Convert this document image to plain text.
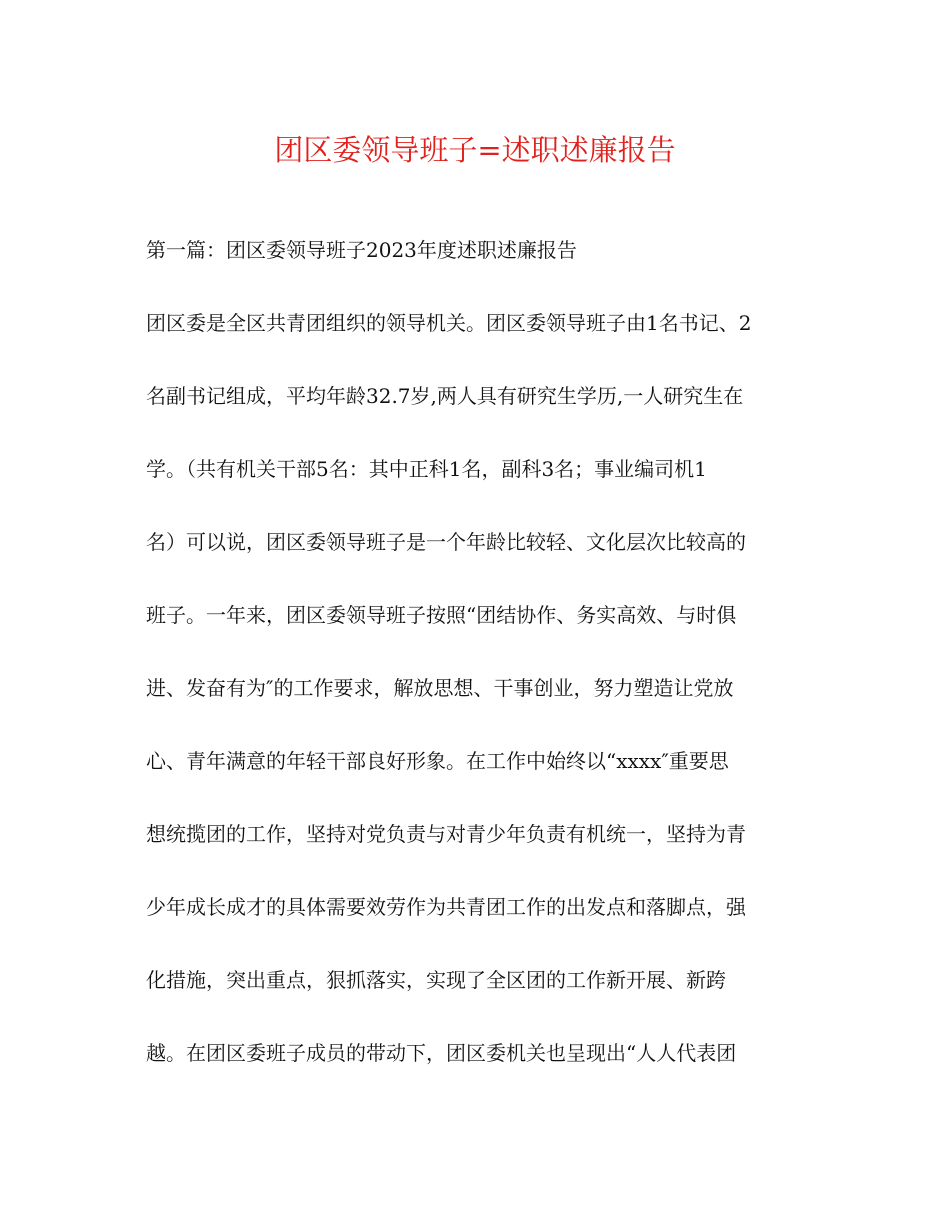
团区委领导班子=述职述廉报告

第一篇：团区委领导班子2023年度述职述廉报告

团区委是全区共青团组织的领导机关。团区委领导班子由1名书记、2
名副书记组成，平均年龄32.7岁,两人具有研究生学历,一人研究生在
学。（共有机关干部5名：其中正科1名，副科3名；事业编司机1
名）可以说，团区委领导班子是一个年龄比较轻、文化层次比较高的
班子。一年来，团区委领导班子按照“团结协作、务实高效、与时俱
进、发奋有为″的工作要求，解放思想、干事创业，努力塑造让党放
心、青年满意的年轻干部良好形象。在工作中始终以“xxxx″重要思
想统揽团的工作，坚持对党负责与对青少年负责有机统一，坚持为青
少年成长成才的具体需要效劳作为共青团工作的出发点和落脚点，强
化措施，突出重点，狠抓落实，实现了全区团的工作新开展、新跨
越。在团区委班子成员的带动下，团区委机关也呈现出“人人代表团
